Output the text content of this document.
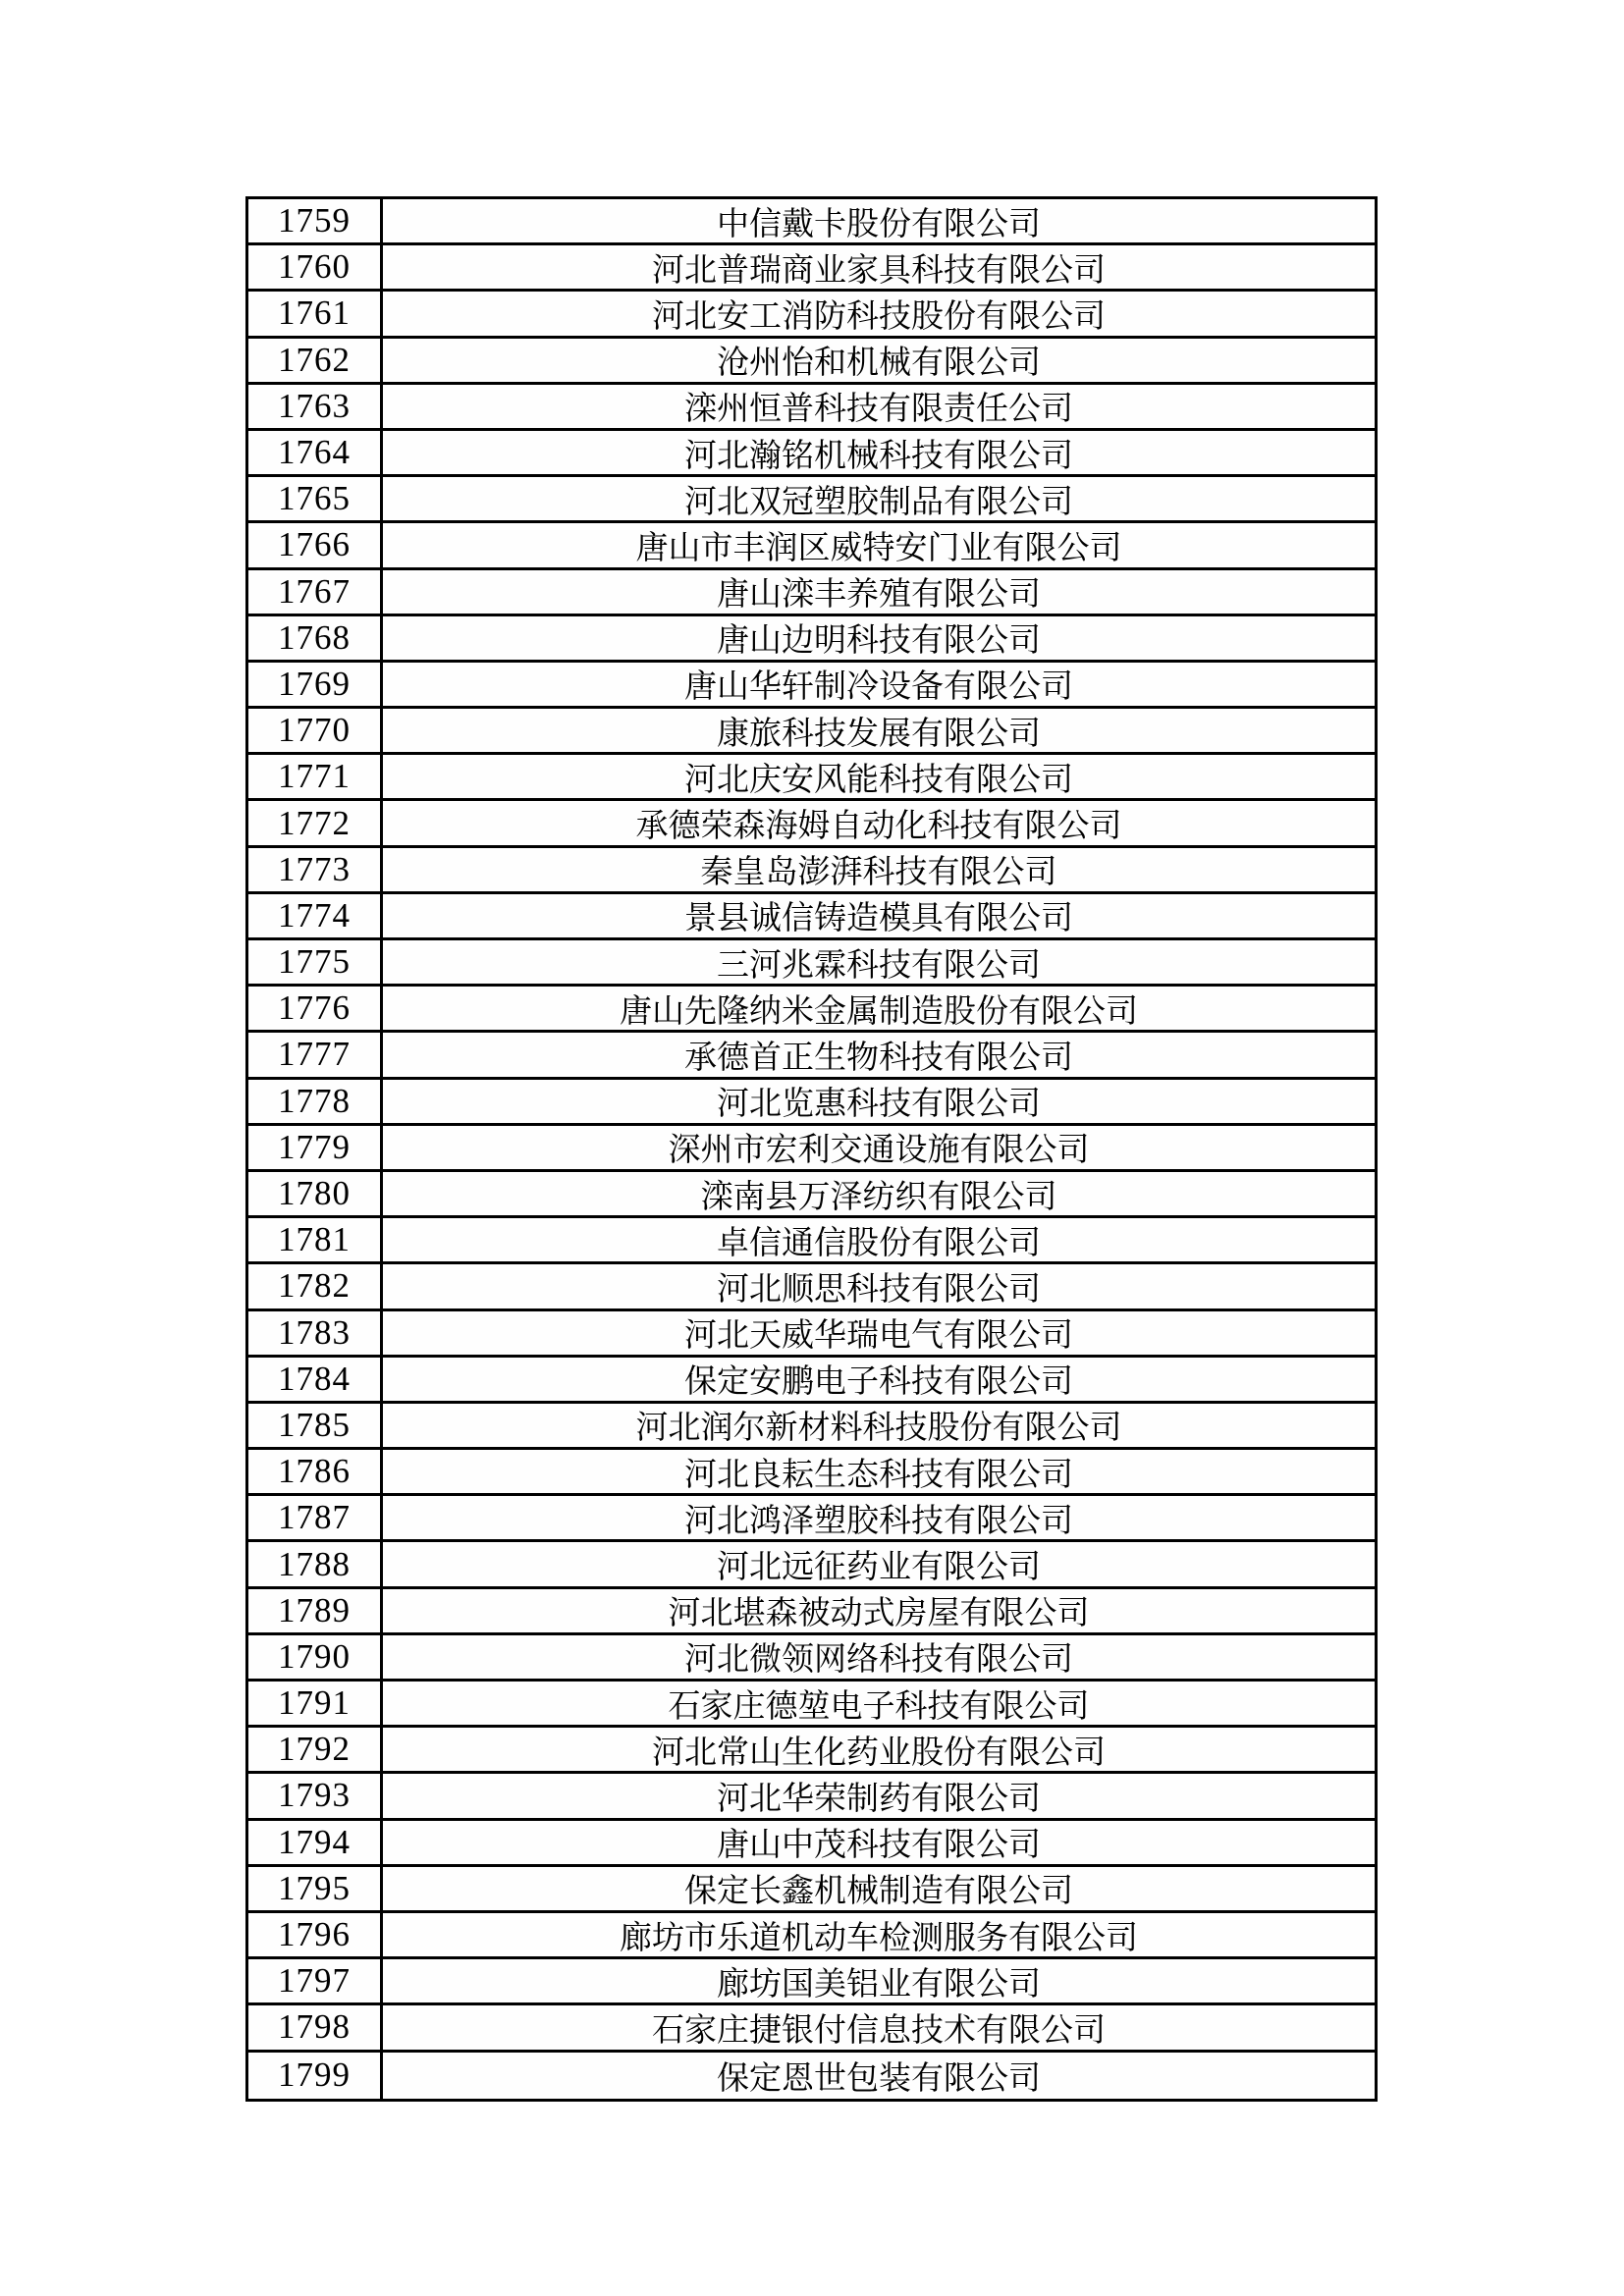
1759	中信戴卡股份有限公司
1760	河北普瑞商业家具科技有限公司
1761	河北安工消防科技股份有限公司
1762	沧州怡和机械有限公司
1763	滦州恒普科技有限责任公司
1764	河北瀚铭机械科技有限公司
1765	河北双冠塑胶制品有限公司
1766	唐山市丰润区威特安门业有限公司
1767	唐山滦丰养殖有限公司
1768	唐山边明科技有限公司
1769	唐山华轩制冷设备有限公司
1770	康旅科技发展有限公司
1771	河北庆安风能科技有限公司
1772	承德荣森海姆自动化科技有限公司
1773	秦皇岛澎湃科技有限公司
1774	景县诚信铸造模具有限公司
1775	三河兆霖科技有限公司
1776	唐山先隆纳米金属制造股份有限公司
1777	承德首正生物科技有限公司
1778	河北览惠科技有限公司
1779	深州市宏利交通设施有限公司
1780	滦南县万泽纺织有限公司
1781	卓信通信股份有限公司
1782	河北顺思科技有限公司
1783	河北天威华瑞电气有限公司
1784	保定安鹏电子科技有限公司
1785	河北润尔新材料科技股份有限公司
1786	河北良耘生态科技有限公司
1787	河北鸿泽塑胶科技有限公司
1788	河北远征药业有限公司
1789	河北堪森被动式房屋有限公司
1790	河北微领网络科技有限公司
1791	石家庄德堃电子科技有限公司
1792	河北常山生化药业股份有限公司
1793	河北华荣制药有限公司
1794	唐山中茂科技有限公司
1795	保定长鑫机械制造有限公司
1796	廊坊市乐道机动车检测服务有限公司
1797	廊坊国美铝业有限公司
1798	石家庄捷银付信息技术有限公司
1799	保定恩世包装有限公司
